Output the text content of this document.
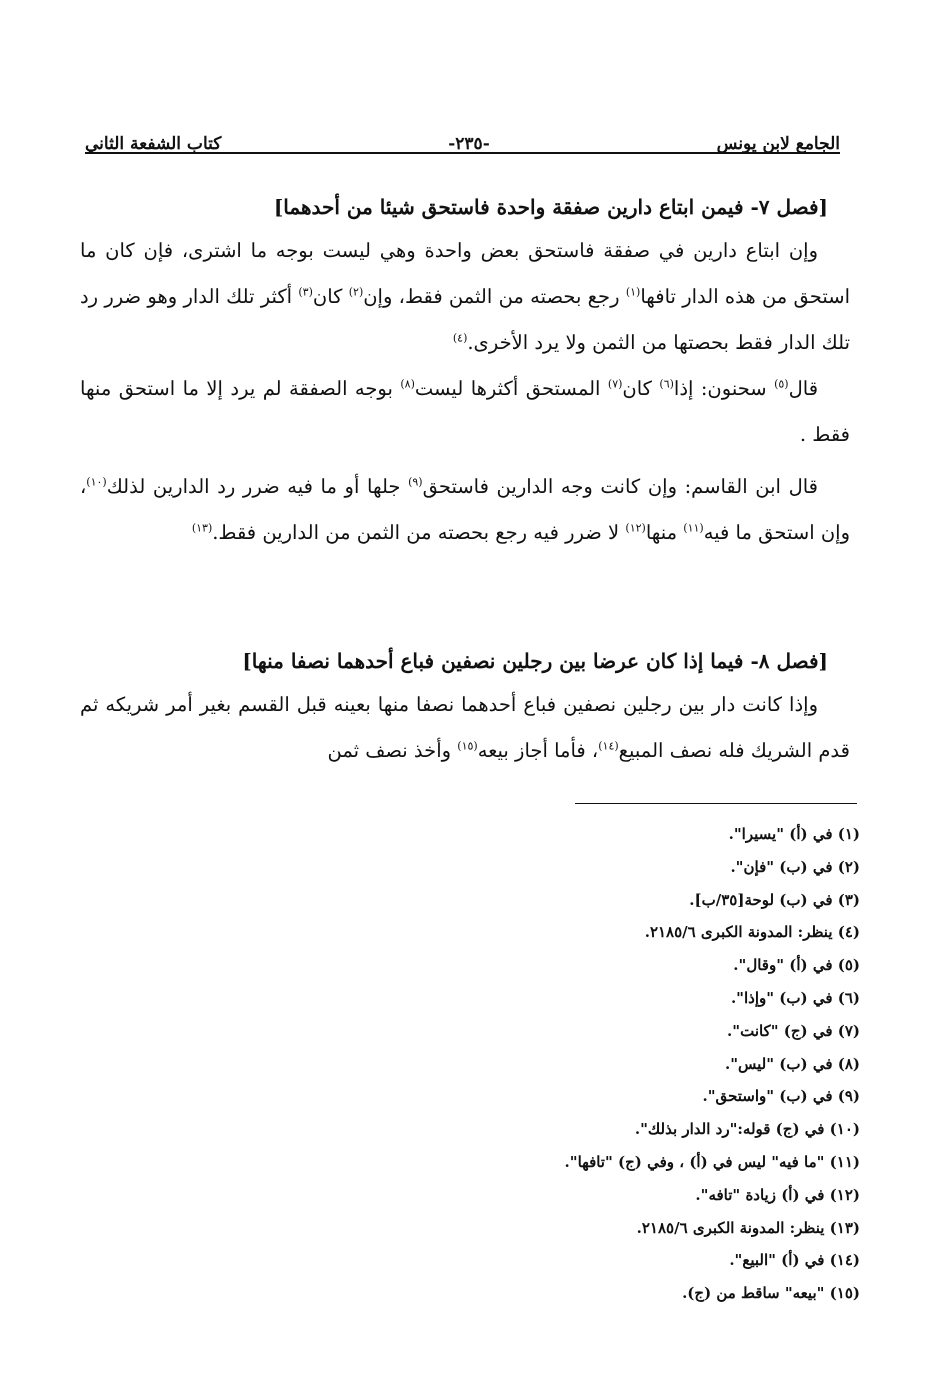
كتاب الشفعة الثاني	-٢٣٥-	الجامع لابن يونس
[فصل ٧- فيمن ابتاع دارين صفقة واحدة فاستحق شيئا من أحدهما]
وإن ابتاع دارين في صفقة فاستحق بعض واحدة وهي ليست بوجه ما اشترى، فإن كان ما استحق من هذه الدار تافها$^{(١)}$ رجع بحصته من الثمن فقط، وإن$^{(٢)}$ كان$^{(٣)}$ أكثر تلك الدار وهو ضرر رد تلك الدار فقط بحصتها من الثمن ولا يرد الأخرى.$^{(٤)}$
قال$^{(٥)}$ سحنون: إذا$^{(٦)}$ كان$^{(٧)}$ المستحق أكثرها ليست$^{(٨)}$ بوجه الصفقة لم يرد إلا ما استحق منها فقط .
قال ابن القاسم: وإن كانت وجه الدارين فاستحق$^{(٩)}$ جلها أو ما فيه ضرر رد الدارين لذلك$^{(١٠)}$، وإن استحق ما فيه$^{(١١)}$ منها$^{(١٢)}$ لا ضرر فيه رجع بحصته من الثمن من الدارين فقط.$^{(١٣)}$
[فصل ٨- فيما إذا كان عرضا بين رجلين نصفين فباع أحدهما نصفا منها]
وإذا كانت دار بين رجلين نصفين فباع أحدهما نصفا منها بعينه قبل القسم بغير أمر شريكه ثم قدم الشريك فله نصف المبيع$^{(١٤)}$، فأما أجاز بيعه$^{(١٥)}$ وأخذ نصف ثمن
(١) في (أ) "يسيرا".
(٢) في (ب) "فإن".
(٣) في (ب) لوحة[٣٥/ب].
(٤) ينظر: المدونة الكبرى ٢١٨٥/٦.
(٥) في (أ) "وقال".
(٦) في (ب) "وإذا".
(٧) في (ج) "كانت".
(٨) في (ب) "ليس".
(٩) في (ب) "واستحق".
(١٠) في (ج) قوله:"رد الدار بذلك".
(١١) "ما فيه" ليس في (أ) ، وفي (ج) "تافها".
(١٢) في (أ) زيادة "تافه".
(١٣) ينظر: المدونة الكبرى ٢١٨٥/٦.
(١٤) في (أ) "البيع".
(١٥) "بيعه" ساقط من (ج).
